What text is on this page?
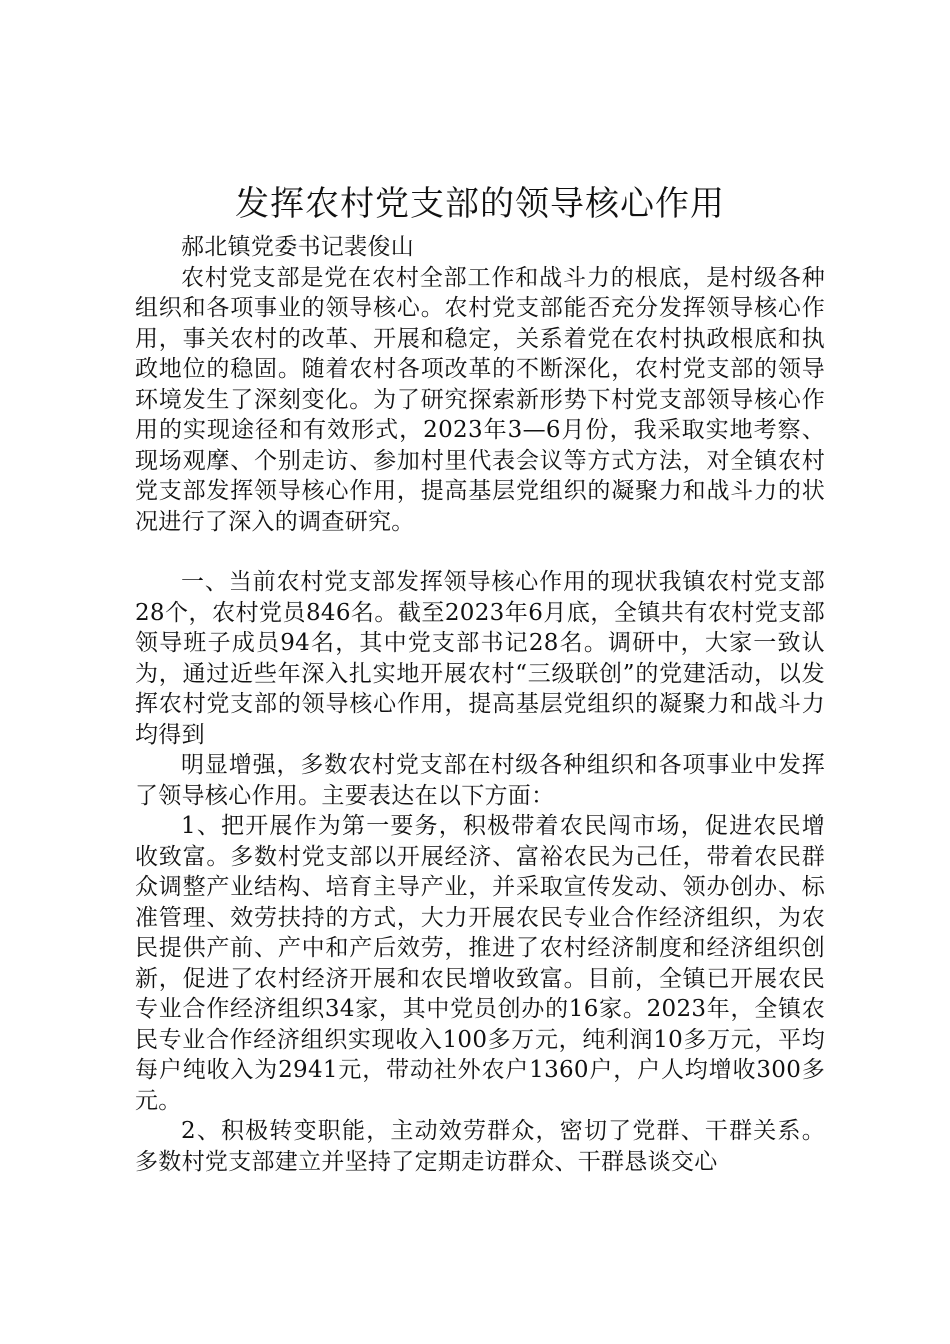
发挥农村党支部的领导核心作用

郝北镇党委书记裴俊山

农村党支部是党在农村全部工作和战斗力的根底，是村级各种组织和各项事业的领导核心。农村党支部能否充分发挥领导核心作用，事关农村的改革、开展和稳定，关系着党在农村执政根底和执政地位的稳固。随着农村各项改革的不断深化，农村党支部的领导环境发生了深刻变化。为了研究探索新形势下村党支部领导核心作用的实现途径和有效形式，2023年3—6月份，我采取实地考察、现场观摩、个别走访、参加村里代表会议等方式方法，对全镇农村党支部发挥领导核心作用，提高基层党组织的凝聚力和战斗力的状况进行了深入的调查研究。

一、当前农村党支部发挥领导核心作用的现状我镇农村党支部28个，农村党员846名。截至2023年6月底，全镇共有农村党支部领导班子成员94名，其中党支部书记28名。调研中，大家一致认为，通过近些年深入扎实地开展农村“三级联创”的党建活动，以发挥农村党支部的领导核心作用，提高基层党组织的凝聚力和战斗力均得到

明显增强，多数农村党支部在村级各种组织和各项事业中发挥了领导核心作用。主要表达在以下方面：

1、把开展作为第一要务，积极带着农民闯市场，促进农民增收致富。多数村党支部以开展经济、富裕农民为己任，带着农民群众调整产业结构、培育主导产业，并采取宣传发动、领办创办、标准管理、效劳扶持的方式，大力开展农民专业合作经济组织，为农民提供产前、产中和产后效劳，推进了农村经济制度和经济组织创新，促进了农村经济开展和农民增收致富。目前，全镇已开展农民专业合作经济组织34家，其中党员创办的16家。2023年，全镇农民专业合作经济组织实现收入100多万元，纯利润10多万元，平均每户纯收入为2941元，带动社外农户1360户，户人均增收300多元。

2、积极转变职能，主动效劳群众，密切了党群、干群关系。多数村党支部建立并坚持了定期走访群众、干群恳谈交心
